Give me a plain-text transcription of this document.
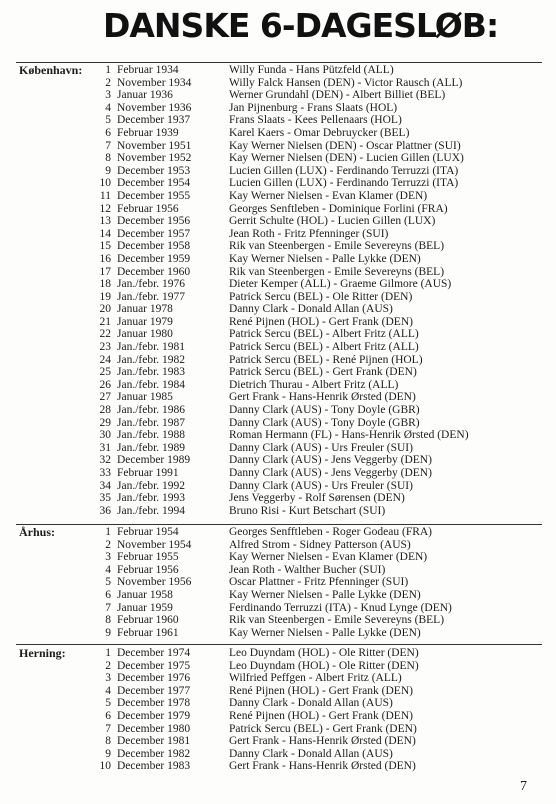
DANSKE 6-DAGESLØB:
København: 1 Februar 1934	Willy Funda - Hans Pützfeld (ALL)
2 November 1934	Willy Falck Hansen (DEN) - Victor Rausch (ALL)
3 Januar 1936	Werner Grundahl (DEN) - Albert Billiet (BEL)
4 November 1936	Jan Pijnenburg - Frans Slaats (HOL)
5 December 1937	Frans Slaats - Kees Pellenaars (HOL)
6 Februar 1939	Karel Kaers - Omar Debruycker (BEL)
7 November 1951	Kay Werner Nielsen (DEN) - Oscar Plattner (SUI)
8 November 1952	Kay Werner Nielsen (DEN) - Lucien Gillen (LUX)
9 December 1953	Lucien Gillen (LUX) - Ferdinando Terruzzi (ITA)
10 December 1954	Lucien Gillen (LUX) - Ferdinando Terruzzi (ITA)
11 December 1955	Kay Werner Nielsen - Evan Klamer (DEN)
12 Februar 1956	Georges Senftleben - Dominique Forlini (FRA)
13 December 1956	Gerrit Schulte (HOL) - Lucien Gillen (LUX)
14 December 1957	Jean Roth - Fritz Pfenninger (SUI)
15 December 1958	Rik van Steenbergen - Emile Severeyns (BEL)
16 December 1959	Kay Werner Nielsen - Palle Lykke (DEN)
17 December 1960	Rik van Steenbergen - Emile Severeyns (BEL)
18 Jan./febr. 1976	Dieter Kemper (ALL) - Graeme Gilmore (AUS)
19 Jan./febr. 1977	Patrick Sercu (BEL) - Ole Ritter (DEN)
20 Januar 1978	Danny Clark - Donald Allan (AUS)
21 Januar 1979	René Pijnen (HOL) - Gert Frank (DEN)
22 Januar 1980	Patrick Sercu (BEL) - Albert Fritz (ALL)
23 Jan./febr. 1981	Patrick Sercu (BEL) - Albert Fritz (ALL)
24 Jan./febr. 1982	Patrick Sercu (BEL) - René Pijnen (HOL)
25 Jan./febr. 1983	Patrick Sercu (BEL) - Gert Frank (DEN)
26 Jan./febr. 1984	Dietrich Thurau - Albert Fritz (ALL)
27 Januar 1985	Gert Frank - Hans-Henrik Ørsted (DEN)
28 Jan./febr. 1986	Danny Clark (AUS) - Tony Doyle (GBR)
29 Jan./febr. 1987	Danny Clark (AUS) - Tony Doyle (GBR)
30 Jan./febr. 1988	Roman Hermann (FL) - Hans-Henrik Ørsted (DEN)
31 Jan./febr. 1989	Danny Clark (AUS) - Urs Freuler (SUI)
32 December 1989	Danny Clark (AUS) - Jens Veggerby (DEN)
33 Februar 1991	Danny Clark (AUS) - Jens Veggerby (DEN)
34 Jan./febr. 1992	Danny Clark (AUS) - Urs Freuler (SUI)
35 Jan./febr. 1993	Jens Veggerby - Rolf Sørensen (DEN)
36 Jan./febr. 1994	Bruno Risi - Kurt Betschart (SUI)
Århus:	1 Februar 1954	Georges Senfftleben - Roger Godeau (FRA)
2 November 1954	Alfred Strom - Sidney Patterson (AUS)
3 Februar 1955	Kay Werner Nielsen - Evan Klamer (DEN)
4 Februar 1956	Jean Roth - Walther Bucher (SUI)
5 November 1956	Oscar Plattner - Fritz Pfenninger (SUI)
6 Januar 1958	Kay Werner Nielsen - Palle Lykke (DEN)
7 Januar 1959	Ferdinando Terruzzi (ITA) - Knud Lynge (DEN)
8 Februar 1960	Rik van Steenbergen - Emile Severeyns (BEL)
9 Februar 1961	Kay Werner Nielsen - Palle Lykke (DEN)
Herning:	1 December 1974	Leo Duyndam (HOL) - Ole Ritter (DEN)
2 December 1975	Leo Duyndam (HOL) - Ole Ritter (DEN)
3 December 1976	Wilfried Peffgen - Albert Fritz (ALL)
4 December 1977	René Pijnen (HOL) - Gert Frank (DEN)
5 December 1978	Danny Clark - Donald Allan (AUS)
6 December 1979	René Pijnen (HOL) - Gert Frank (DEN)
7 December 1980	Patrick Sercu (BEL) - Gert Frank (DEN)
8 December 1981	Gert Frank - Hans-Henrik Ørsted (DEN)
9 December 1982	Danny Clark - Donald Allan (AUS)
10 December 1983	Gert Frank - Hans-Henrik Ørsted (DEN)

7
